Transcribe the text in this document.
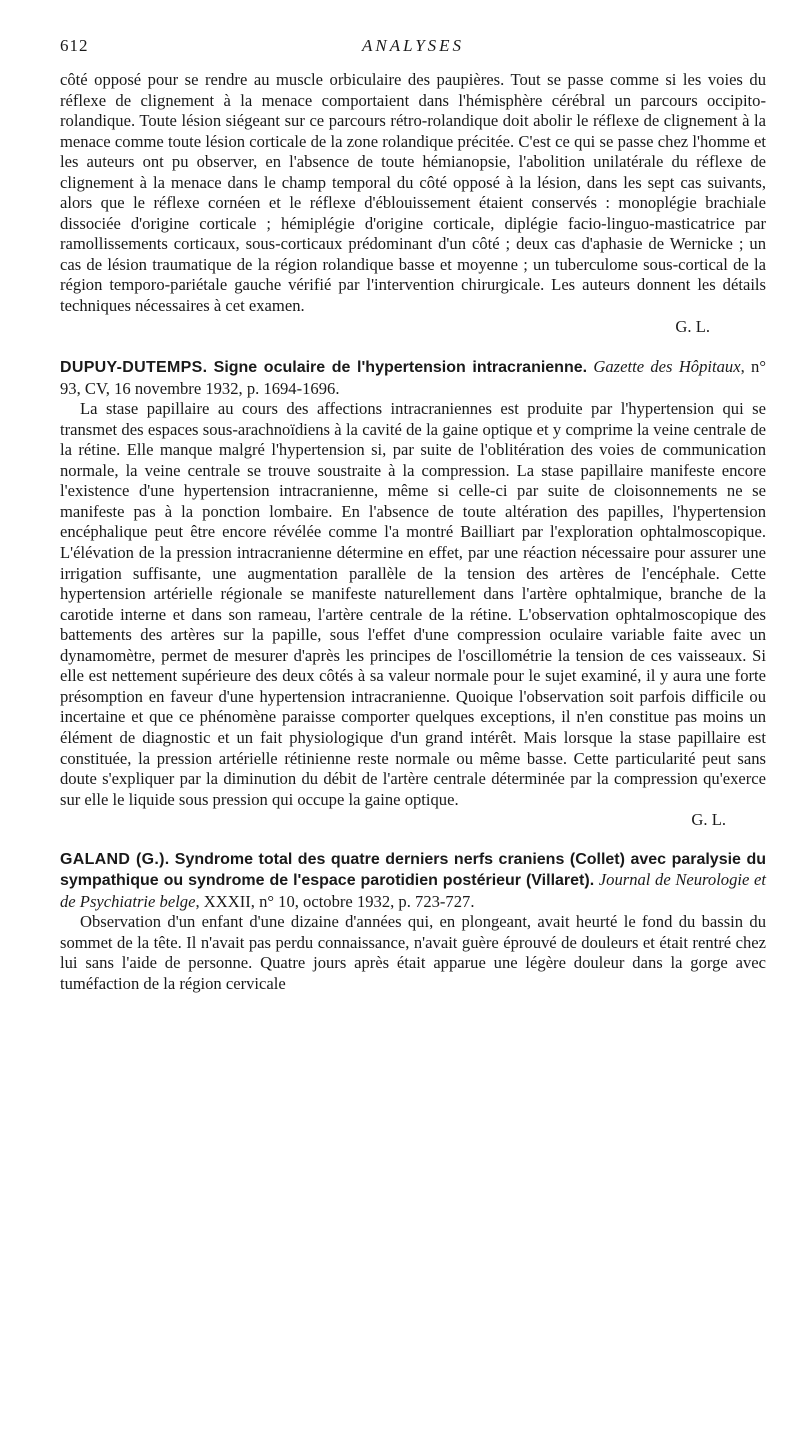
612	ANALYSES

côté opposé pour se rendre au muscle orbiculaire des paupières. Tout se passe comme si les voies du réflexe de clignement à la menace comportaient dans l'hémisphère cérébral un parcours occipito-rolandique. Toute lésion siégeant sur ce parcours rétro-rolandique doit abolir le réflexe de clignement à la menace comme toute lésion corticale de la zone rolandique précitée. C'est ce qui se passe chez l'homme et les auteurs ont pu observer, en l'absence de toute hémianopsie, l'abolition unilatérale du réflexe de clignement à la menace dans le champ temporal du côté opposé à la lésion, dans les sept cas suivants, alors que le réflexe cornéen et le réflexe d'éblouissement étaient conservés : monoplégie brachiale dissociée d'origine corticale ; hémiplégie d'origine corticale, diplégie facio-linguo-masticatrice par ramollissements corticaux, sous-corticaux prédominant d'un côté ; deux cas d'aphasie de Wernicke ; un cas de lésion traumatique de la région rolandique basse et moyenne ; un tuberculome sous-cortical de la région temporo-pariétale gauche vérifié par l'intervention chirurgicale. Les auteurs donnent les détails techniques nécessaires à cet examen.

G. L.

DUPUY-DUTEMPS. Signe oculaire de l'hypertension intracranienne. Gazette des Hôpitaux, n° 93, CV, 16 novembre 1932, p. 1694-1696.

La stase papillaire au cours des affections intracraniennes est produite par l'hypertension qui se transmet des espaces sous-arachnoïdiens à la cavité de la gaine optique et y comprime la veine centrale de la rétine. Elle manque malgré l'hypertension si, par suite de l'oblitération des voies de communication normale, la veine centrale se trouve soustraite à la compression. La stase papillaire manifeste encore l'existence d'une hypertension intracranienne, même si celle-ci par suite de cloisonnements ne se manifeste pas à la ponction lombaire. En l'absence de toute altération des papilles, l'hypertension encéphalique peut être encore révélée comme l'a montré Bailliart par l'exploration ophtalmoscopique. L'élévation de la pression intracranienne détermine en effet, par une réaction nécessaire pour assurer une irrigation suffisante, une augmentation parallèle de la tension des artères de l'encéphale. Cette hypertension artérielle régionale se manifeste naturellement dans l'artère ophtalmique, branche de la carotide interne et dans son rameau, l'artère centrale de la rétine. L'observation ophtalmoscopique des battements des artères sur la papille, sous l'effet d'une compression oculaire variable faite avec un dynamomètre, permet de mesurer d'après les principes de l'oscillométrie la tension de ces vaisseaux. Si elle est nettement supérieure des deux côtés à sa valeur normale pour le sujet examiné, il y aura une forte présomption en faveur d'une hypertension intracranienne. Quoique l'observation soit parfois difficile ou incertaine et que ce phénomène paraisse comporter quelques exceptions, il n'en constitue pas moins un élément de diagnostic et un fait physiologique d'un grand intérêt. Mais lorsque la stase papillaire est constituée, la pression artérielle rétinienne reste normale ou même basse. Cette particularité peut sans doute s'expliquer par la diminution du débit de l'artère centrale déterminée par la compression qu'exerce sur elle le liquide sous pression qui occupe la gaine optique.

G. L.

GALAND (G.). Syndrome total des quatre derniers nerfs craniens (Collet) avec paralysie du sympathique ou syndrome de l'espace parotidien postérieur (Villaret). Journal de Neurologie et de Psychiatrie belge, XXXII, n° 10, octobre 1932, p. 723-727.

Observation d'un enfant d'une dizaine d'années qui, en plongeant, avait heurté le fond du bassin du sommet de la tête. Il n'avait pas perdu connaissance, n'avait guère éprouvé de douleurs et était rentré chez lui sans l'aide de personne. Quatre jours après était apparue une légère douleur dans la gorge avec tuméfaction de la région cervicale
